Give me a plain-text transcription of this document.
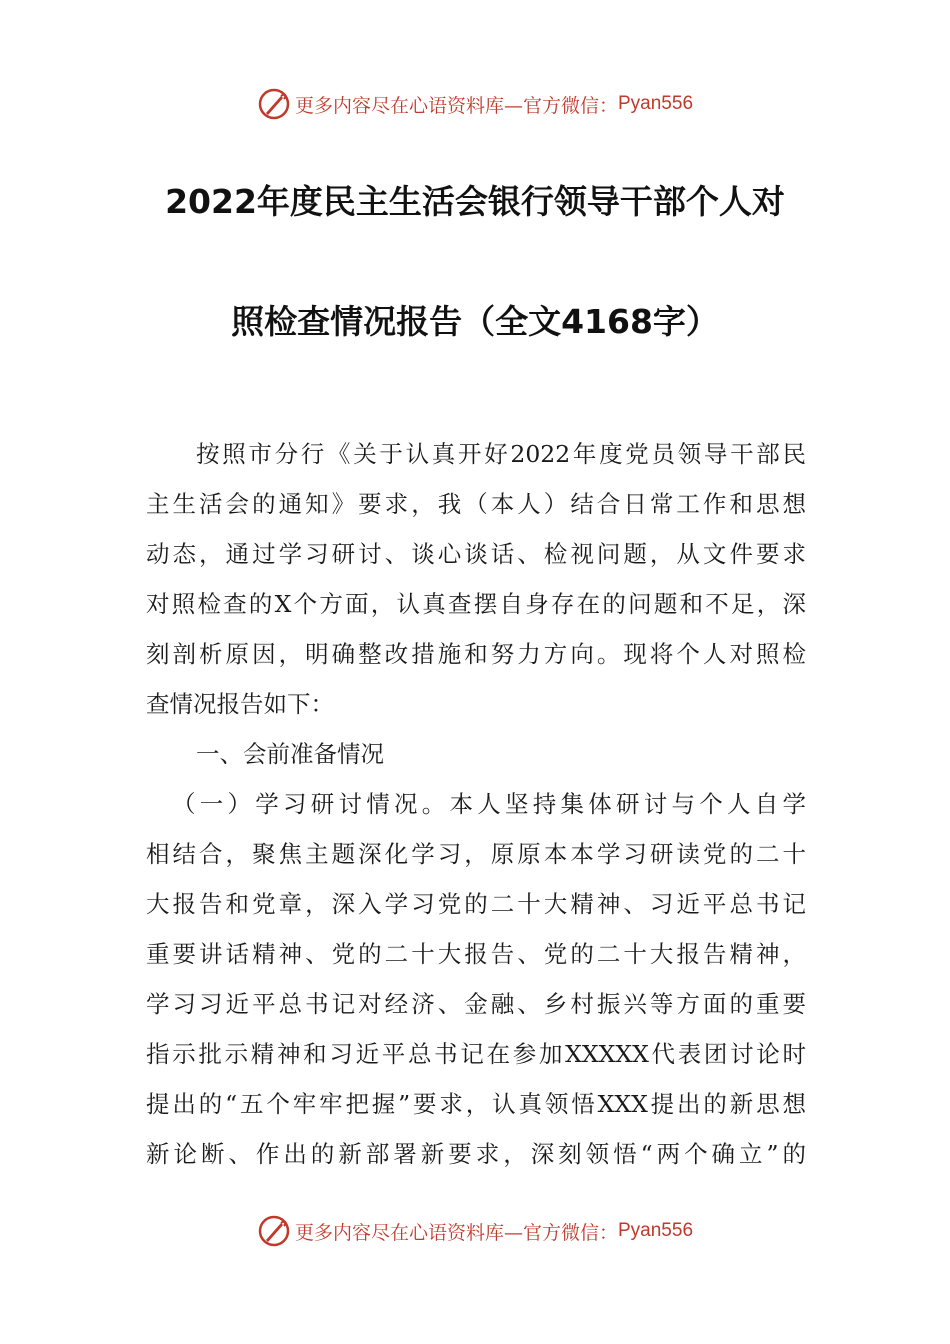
更多内容尽在心语资料库—官方微信： Pyan556
2022年度民主生活会银行领导干部个人对
照检查情况报告（全文4168字）
按照市分行《关于认真开好2022年度党员领导干部民
主生活会的通知》要求，我（本人）结合日常工作和思想
动态，通过学习研讨、谈心谈话、检视问题，从文件要求
对照检查的X个方面，认真查摆自身存在的问题和不足，深
刻剖析原因，明确整改措施和努力方向。现将个人对照检
查情况报告如下：
一、会前准备情况
（一）学习研讨情况。本人坚持集体研讨与个人自学
相结合，聚焦主题深化学习，原原本本学习研读党的二十
大报告和党章，深入学习党的二十大精神、习近平总书记
重要讲话精神、党的二十大报告、党的二十大报告精神，
学习习近平总书记对经济、金融、乡村振兴等方面的重要
指示批示精神和习近平总书记在参加XXXXX代表团讨论时
提出的“五个牢牢把握”要求，认真领悟XXX提出的新思想
新论断、作出的新部署新要求，深刻领悟“两个确立”的
更多内容尽在心语资料库—官方微信： Pyan556
